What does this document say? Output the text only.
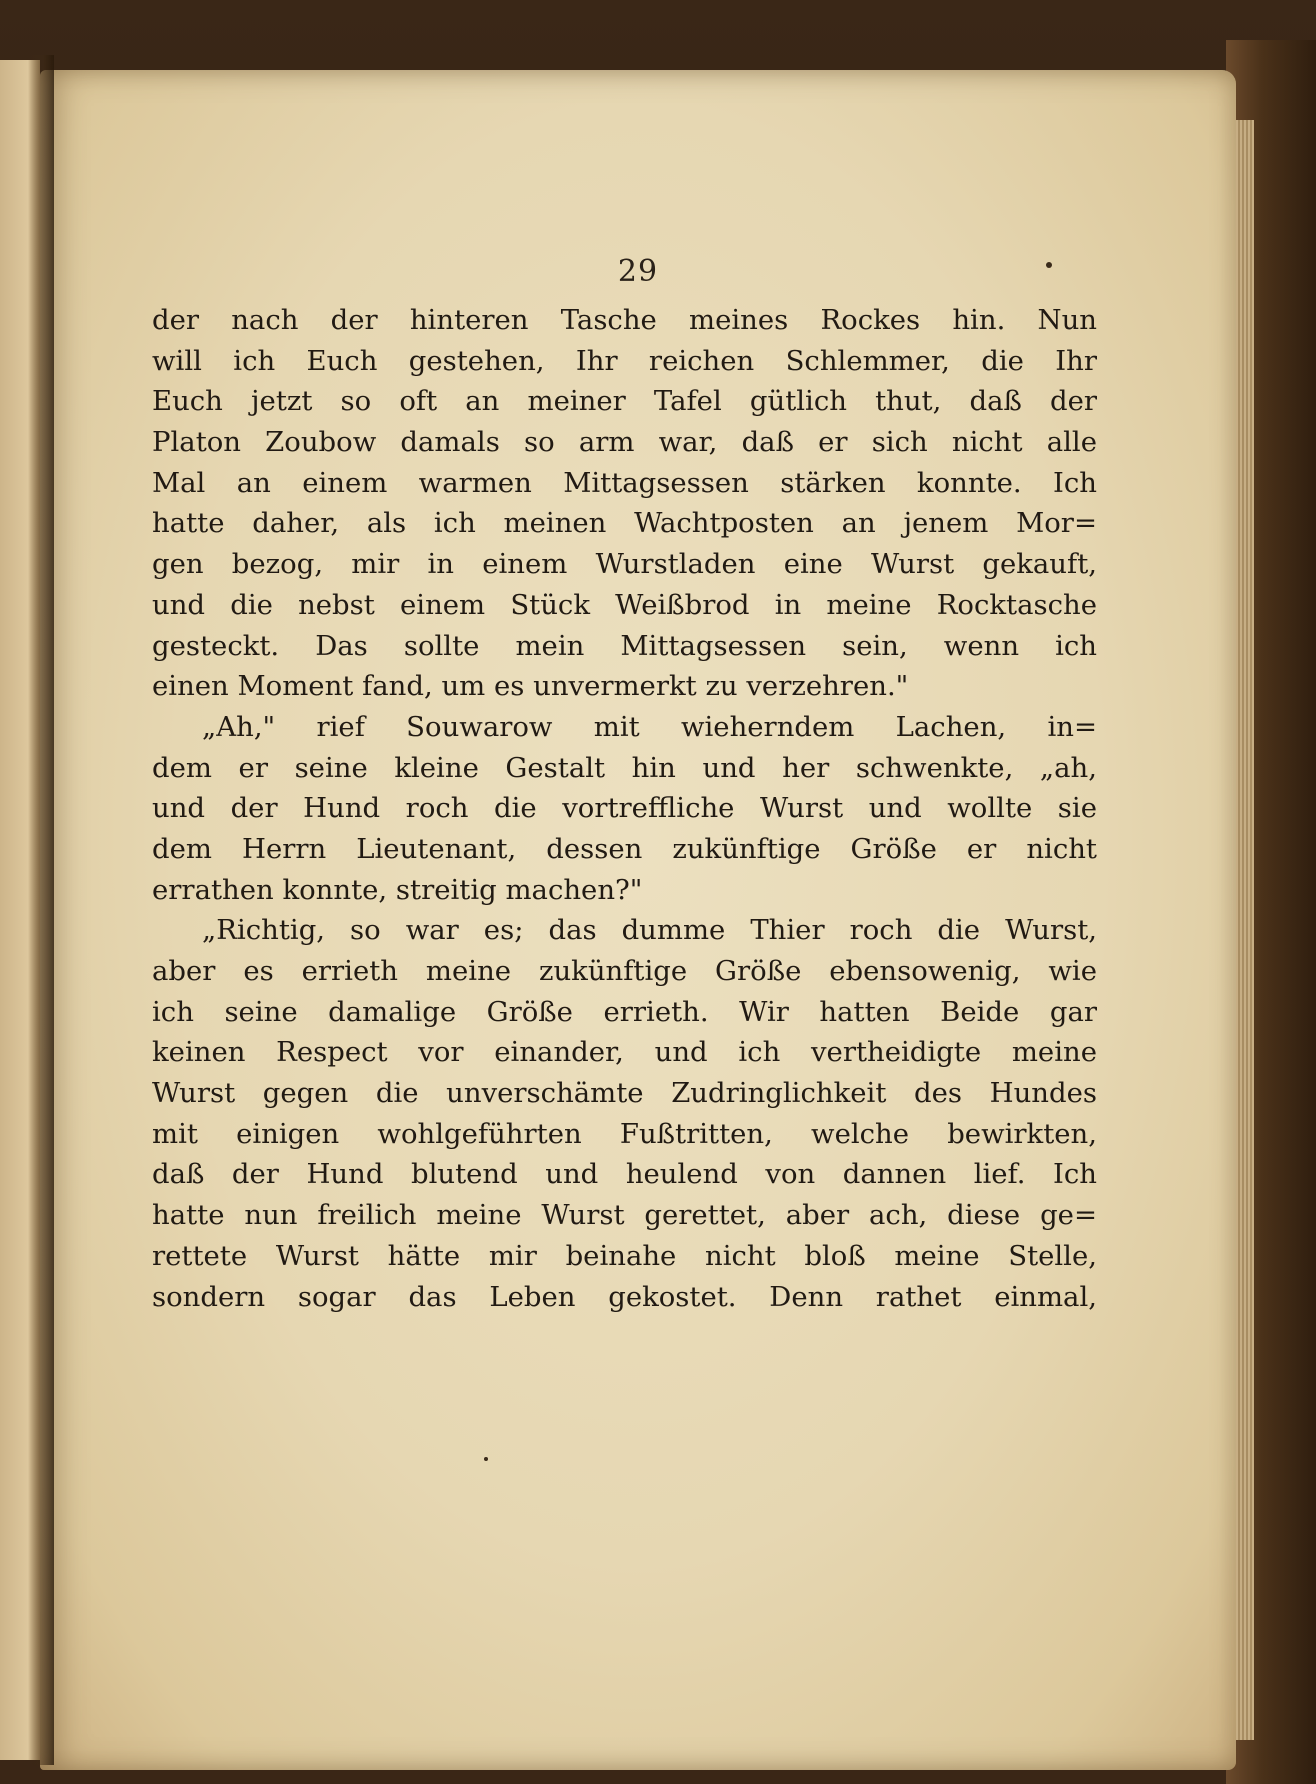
29
der nach der hinteren Tasche meines Rockes hin. Nun
will ich Euch gestehen, Ihr reichen Schlemmer, die Ihr
Euch jetzt so oft an meiner Tafel gütlich thut, daß der
Platon Zoubow damals so arm war, daß er sich nicht alle
Mal an einem warmen Mittagsessen stärken konnte. Ich
hatte daher, als ich meinen Wachtposten an jenem Mor=
gen bezog, mir in einem Wurstladen eine Wurst gekauft,
und die nebst einem Stück Weißbrod in meine Rocktasche
gesteckt. Das sollte mein Mittagsessen sein, wenn ich
einen Moment fand, um es unvermerkt zu verzehren."
„Ah," rief Souwarow mit wieherndem Lachen, in=
dem er seine kleine Gestalt hin und her schwenkte, „ah,
und der Hund roch die vortreffliche Wurst und wollte sie
dem Herrn Lieutenant, dessen zukünftige Größe er nicht
errathen konnte, streitig machen?"
„Richtig, so war es; das dumme Thier roch die Wurst,
aber es errieth meine zukünftige Größe ebensowenig, wie
ich seine damalige Größe errieth. Wir hatten Beide gar
keinen Respect vor einander, und ich vertheidigte meine
Wurst gegen die unverschämte Zudringlichkeit des Hundes
mit einigen wohlgeführten Fußtritten, welche bewirkten,
daß der Hund blutend und heulend von dannen lief. Ich
hatte nun freilich meine Wurst gerettet, aber ach, diese ge=
rettete Wurst hätte mir beinahe nicht bloß meine Stelle,
sondern sogar das Leben gekostet. Denn rathet einmal,
